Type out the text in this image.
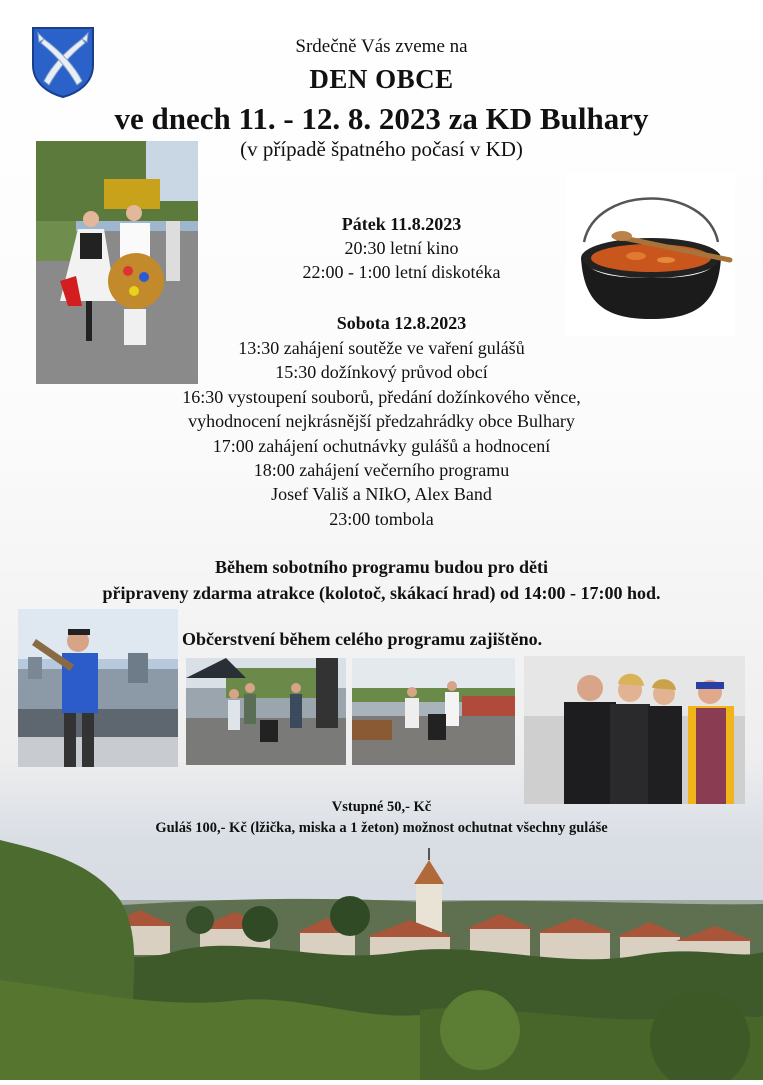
Srdečně Vás zveme na
DEN OBCE
ve dnech 11. - 12. 8. 2023 za KD Bulhary
(v případě špatného počasí v KD)
Pátek 11.8.2023
20:30 letní kino
22:00 - 1:00 letní diskotéka
Sobota 12.8.2023
13:30 zahájení soutěže ve vaření gulášů
15:30 dožínkový průvod obcí
16:30 vystoupení souborů, předání dožínkového věnce,
vyhodnocení nejkrásnější předzahrádky obce Bulhary
17:00 zahájení ochutnávky gulášů a hodnocení
18:00 zahájení večerního programu
Josef Vališ a NIkO, Alex Band
23:00 tombola
Během sobotního programu budou pro děti
připraveny zdarma atrakce (kolotoč, skákací hrad) od 14:00 - 17:00 hod.
Občerstvení během celého programu zajištěno.
Vstupné 50,- Kč
Guláš 100,- Kč (lžička, miska a 1 žeton) možnost ochutnat všechny guláše
